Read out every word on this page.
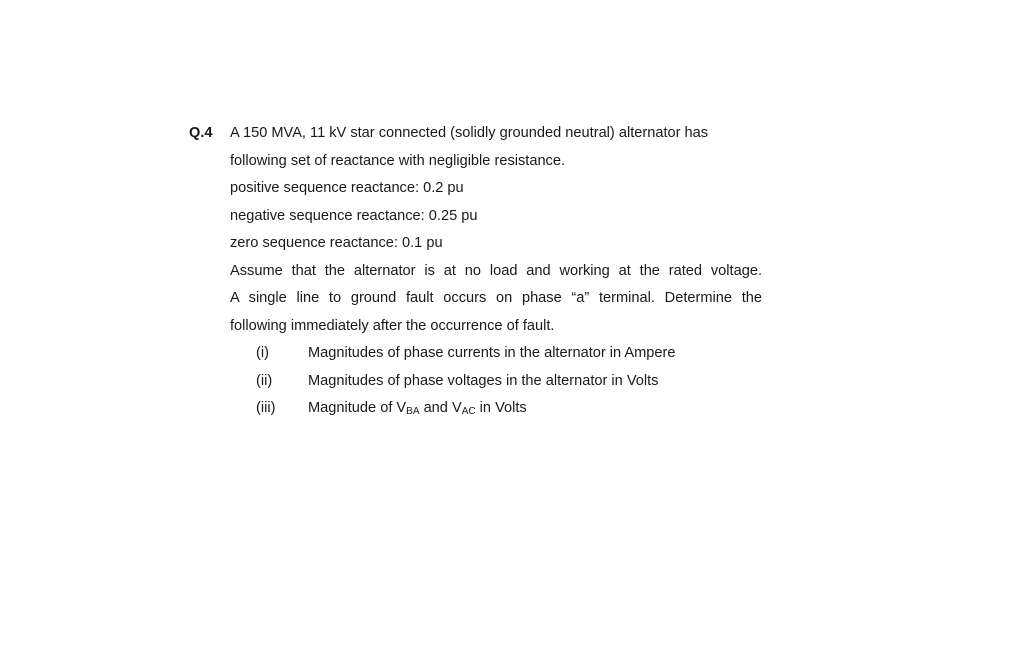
Q.4 A 150 MVA, 11 kV star connected (solidly grounded neutral) alternator has
following set of reactance with negligible resistance.
positive sequence reactance: 0.2 pu
negative sequence reactance: 0.25 pu
zero sequence reactance: 0.1 pu
Assume that the alternator is at no load and working at the rated voltage.
A single line to ground fault occurs on phase “a” terminal. Determine the
following immediately after the occurrence of fault.
(i)	Magnitudes of phase currents in the alternator in Ampere
(ii) Magnitudes of phase voltages in the alternator in Volts
(iii) Magnitude of $V_{BA}$ and $V_{AC}$ in Volts
